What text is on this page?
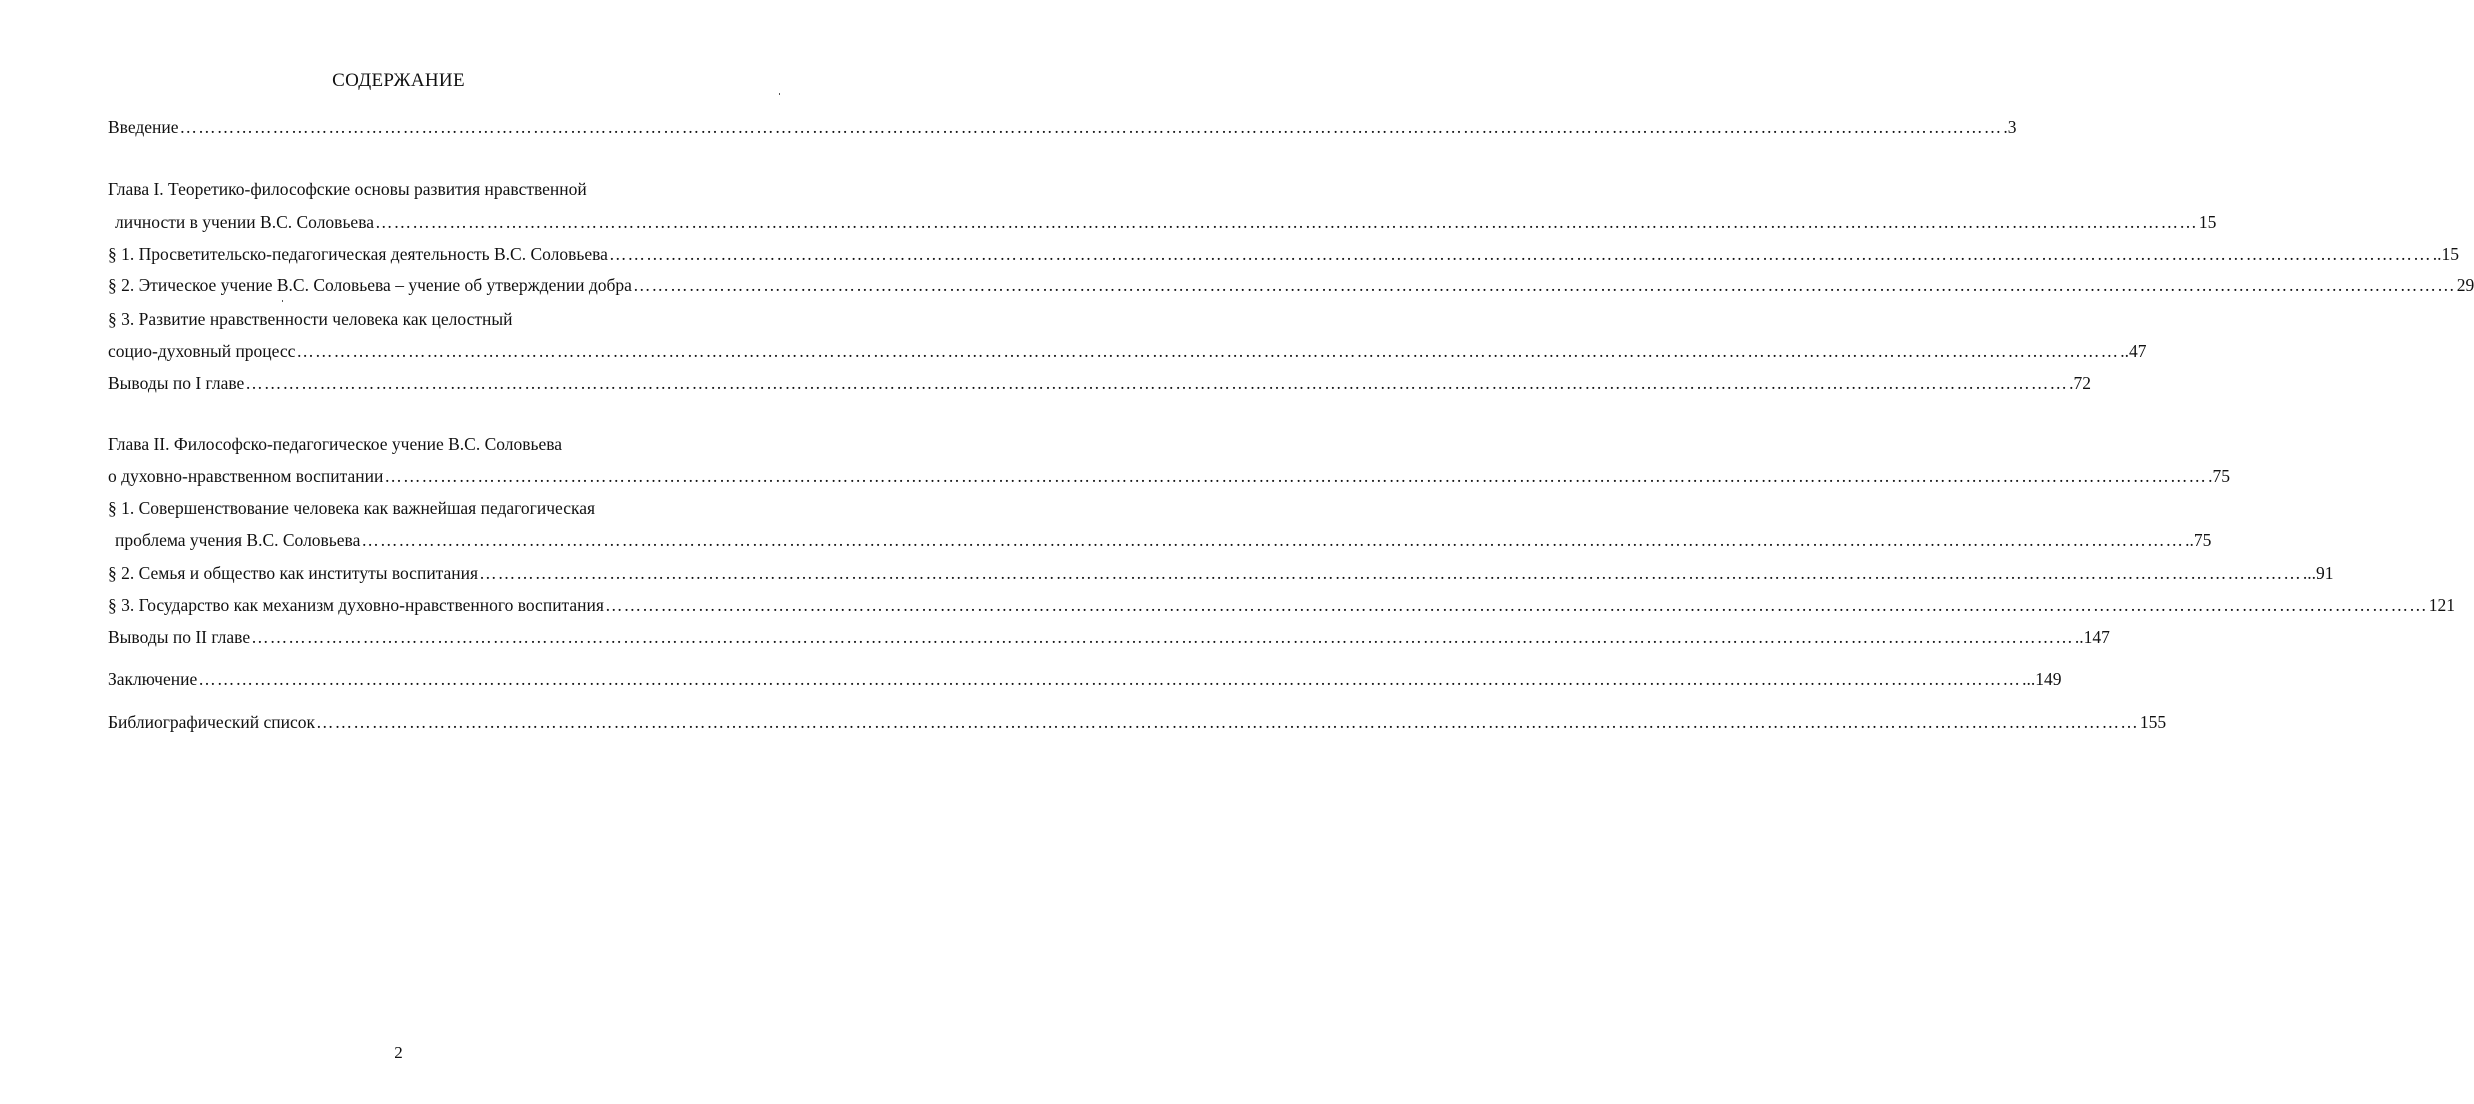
СОДЕРЖАНИЕ
Введение …………………………………………………………………………………………………………………………………………………………………………………………………………………………………………………………………… .3
Глава I. Теоретико-философские основы развития нравственной
личности в учении В.С. Соловьева …………………………………………………………………………………………………………………………………………………………………………………………………………………………………………………………………… 15
§ 1. Просветительско-педагогическая деятельность В.С. Соловьева …………………………………………………………………………………………………………………………………………………………………………………………………………………………………………………………………… ..15
§ 2. Этическое учение В.С. Соловьева – учение об утверждении добра …………………………………………………………………………………………………………………………………………………………………………………………………………………………………………………………………… 29
§ 3. Развитие нравственности человека как целостный
социо-духовный процесс …………………………………………………………………………………………………………………………………………………………………………………………………………………………………………………………………… ..47
Выводы по I главе …………………………………………………………………………………………………………………………………………………………………………………………………………………………………………………………………… .72
Глава II. Философско-педагогическое учение В.С. Соловьева
о духовно-нравственном воспитании …………………………………………………………………………………………………………………………………………………………………………………………………………………………………………………………………… .75
§ 1. Совершенствование человека как важнейшая педагогическая
проблема учения В.С. Соловьева …………………………………………………………………………………………………………………………………………………………………………………………………………………………………………………………………… ..75
§ 2. Семья и общество как институты воспитания …………………………………………………………………………………………………………………………………………………………………………………………………………………………………………………………………… ...91
§ 3. Государство как механизм духовно-нравственного воспитания …………………………………………………………………………………………………………………………………………………………………………………………………………………………………………………………………… 121
Выводы по II главе …………………………………………………………………………………………………………………………………………………………………………………………………………………………………………………………………… ..147
Заключение …………………………………………………………………………………………………………………………………………………………………………………………………………………………………………………………………… ...149
Библиографический список …………………………………………………………………………………………………………………………………………………………………………………………………………………………………………………………………… 155
2
